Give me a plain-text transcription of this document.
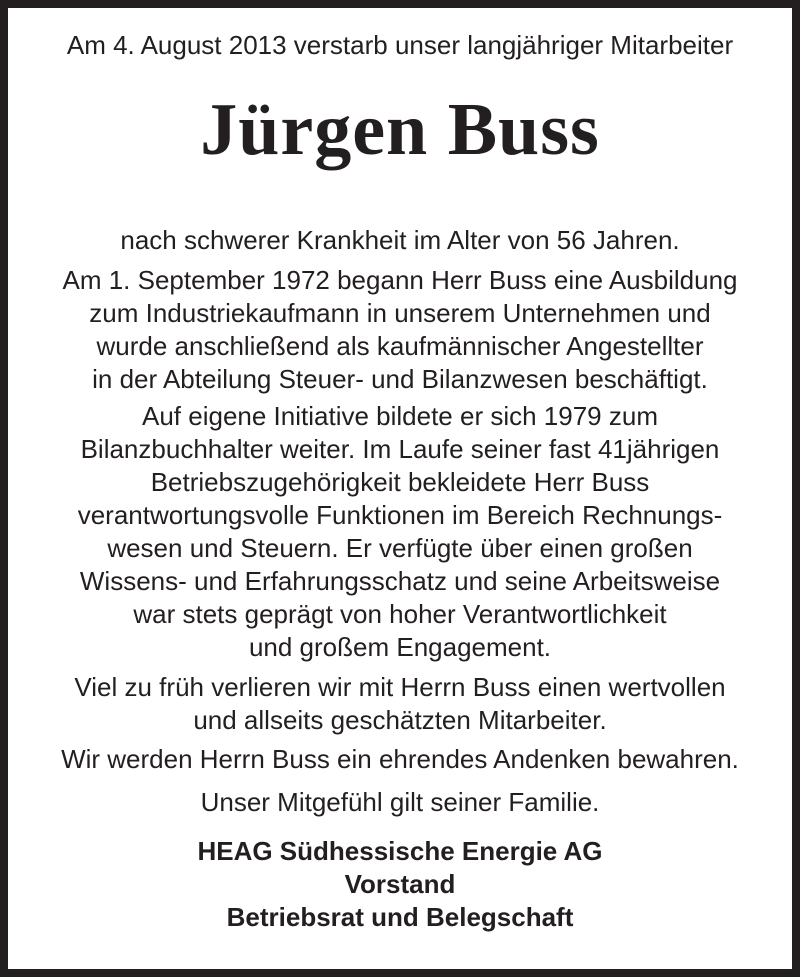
Am 4. August 2013 verstarb unser langjähriger Mitarbeiter
Jürgen Buss
nach schwerer Krankheit im Alter von 56 Jahren.
Am 1. September 1972 begann Herr Buss eine Ausbildung
zum Industriekaufmann in unserem Unternehmen und
wurde anschließend als kaufmännischer Angestellter
in der Abteilung Steuer- und Bilanzwesen beschäftigt.
Auf eigene Initiative bildete er sich 1979 zum
Bilanzbuchhalter weiter. Im Laufe seiner fast 41jährigen
Betriebszugehörigkeit bekleidete Herr Buss
verantwortungsvolle Funktionen im Bereich Rechnungs-
wesen und Steuern. Er verfügte über einen großen
Wissens- und Erfahrungsschatz und seine Arbeitsweise
war stets geprägt von hoher Verantwortlichkeit
und großem Engagement.
Viel zu früh verlieren wir mit Herrn Buss einen wertvollen
und allseits geschätzten Mitarbeiter.
Wir werden Herrn Buss ein ehrendes Andenken bewahren.
Unser Mitgefühl gilt seiner Familie.
HEAG Südhessische Energie AG
Vorstand
Betriebsrat und Belegschaft
